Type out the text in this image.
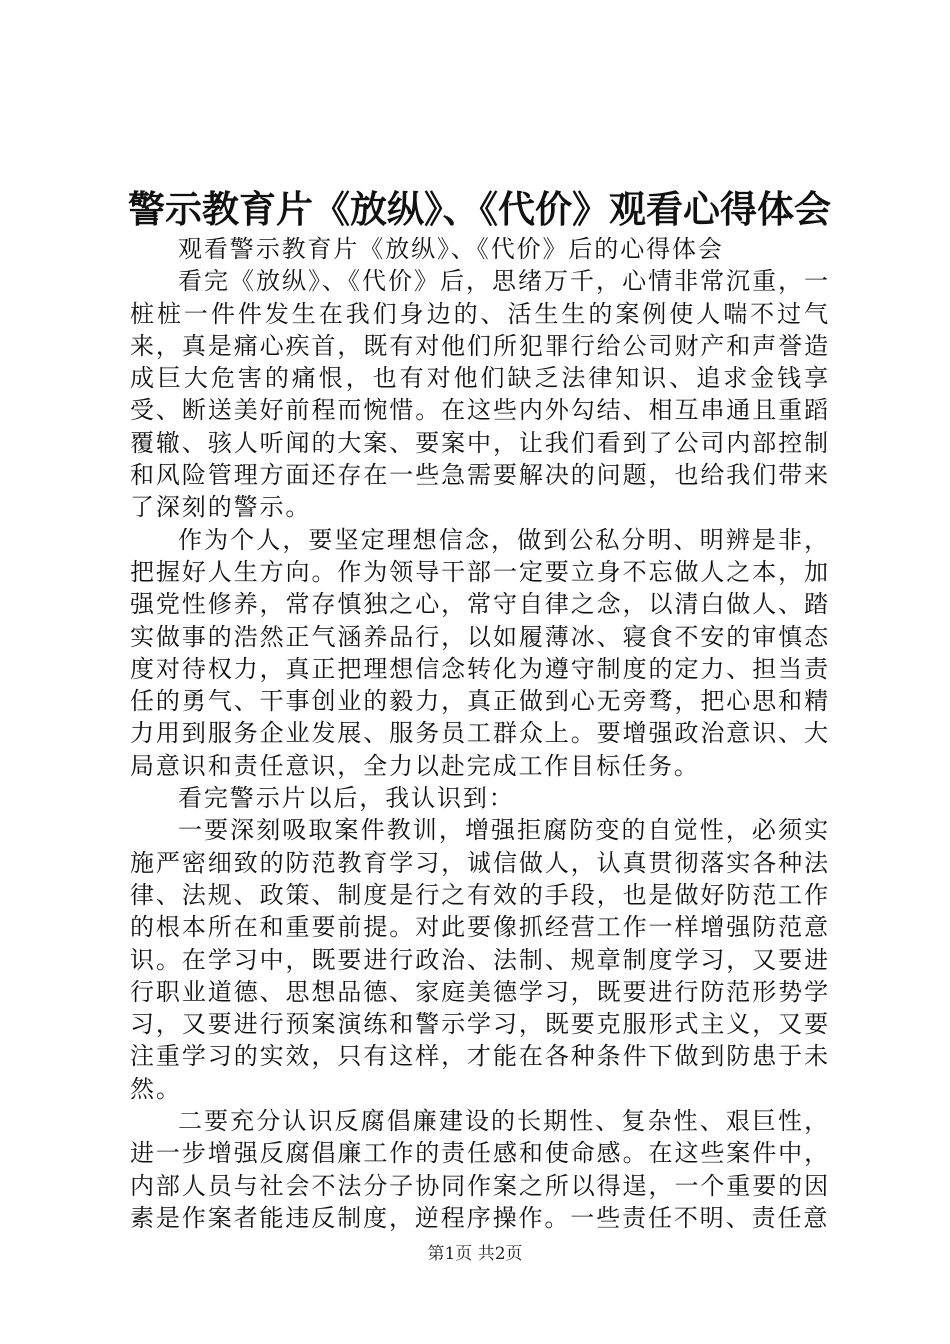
警示教育片《放纵》、《代价》观看心得体会

观看警示教育片《放纵》、《代价》后的心得体会

看完《放纵》、《代价》后，思绪万千，心情非常沉重，一桩桩一件件发生在我们身边的、活生生的案例使人喘不过气来，真是痛心疾首，既有对他们所犯罪行给公司财产和声誉造成巨大危害的痛恨，也有对他们缺乏法律知识、追求金钱享受、断送美好前程而惋惜。在这些内外勾结、相互串通且重蹈覆辙、骇人听闻的大案、要案中，让我们看到了公司内部控制和风险管理方面还存在一些急需要解决的问题，也给我们带来了深刻的警示。

作为个人，要坚定理想信念，做到公私分明、明辨是非，把握好人生方向。作为领导干部一定要立身不忘做人之本，加强党性修养，常存慎独之心，常守自律之念，以清白做人、踏实做事的浩然正气涵养品行，以如履薄冰、寝食不安的审慎态度对待权力，真正把理想信念转化为遵守制度的定力、担当责任的勇气、干事创业的毅力，真正做到心无旁骛，把心思和精力用到服务企业发展、服务员工群众上。要增强政治意识、大局意识和责任意识，全力以赴完成工作目标任务。

看完警示片以后，我认识到：

一要深刻吸取案件教训，增强拒腐防变的自觉性，必须实施严密细致的防范教育学习，诚信做人，认真贯彻落实各种法律、法规、政策、制度是行之有效的手段，也是做好防范工作的根本所在和重要前提。对此要像抓经营工作一样增强防范意识。在学习中，既要进行政治、法制、规章制度学习，又要进行职业道德、思想品德、家庭美德学习，既要进行防范形势学习，又要进行预案演练和警示学习，既要克服形式主义，又要注重学习的实效，只有这样，才能在各种条件下做到防患于未然。

二要充分认识反腐倡廉建设的长期性、复杂性、艰巨性，进一步增强反腐倡廉工作的责任感和使命感。在这些案件中，内部人员与社会不法分子协同作案之所以得逞，一个重要的因素是作案者能违反制度，逆程序操作。一些责任不明、责任意

第1页 共2页
